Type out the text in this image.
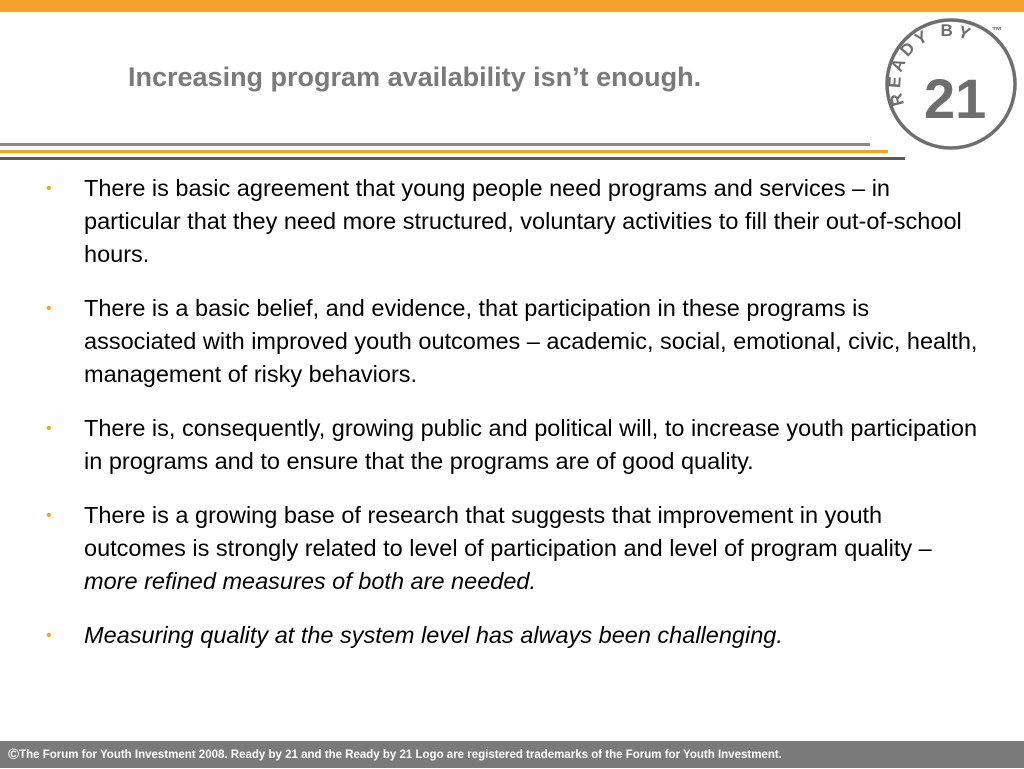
Increasing program availability isn’t enough.
READY BY
21
™
• There is basic agreement that young people need programs and services – in particular that they need more structured, voluntary activities to fill their out-of-school hours.
• There is a basic belief, and evidence, that participation in these programs is associated with improved youth outcomes – academic, social, emotional, civic, health, management of risky behaviors.
• There is, consequently, growing public and political will, to increase youth participation in programs and to ensure that the programs are of good quality.
• There is a growing base of research that suggests that improvement in youth outcomes is strongly related to level of participation and level of program quality – more refined measures of both are needed.
• Measuring quality at the system level has always been challenging.
©The Forum for Youth Investment 2008. Ready by 21 and the Ready by 21 Logo are registered trademarks of the Forum for Youth Investment.
